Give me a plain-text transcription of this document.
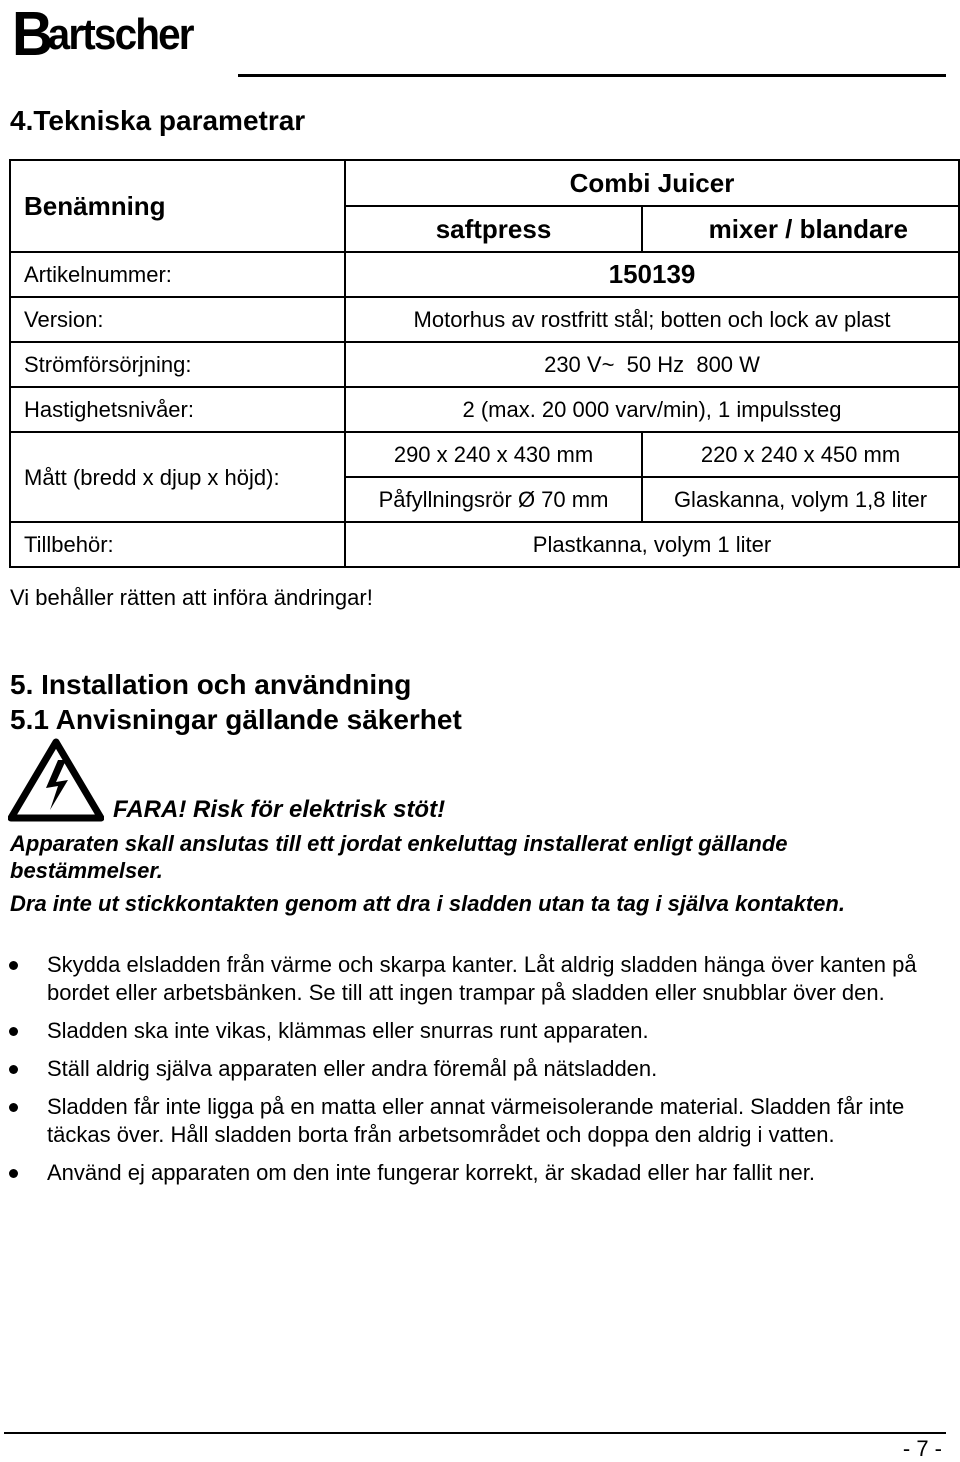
Bartscher
4.Tekniska parametrar
Benämning	Combi Juicer	
	saftpress	mixer / blandare
Artikelnummer:	150139	
Version:	Motorhus av rostfritt stål; botten och lock av plast	
Strömförsörjning:	230 V~  50 Hz  800 W	
Hastighetsnivåer:	2 (max. 20 000 varv/min), 1 impulssteg	
Mått (bredd x djup x höjd):	290 x 240 x 430 mm	220 x 240 x 450 mm
	Påfyllningsrör Ø 70 mm	Glaskanna, volym 1,8 liter
Tillbehör:	Plastkanna, volym 1 liter	
Vi behåller rätten att införa ändringar!
5. Installation och användning
5.1 Anvisningar gällande säkerhet
FARA! Risk för elektrisk stöt!
Apparaten skall anslutas till ett jordat enkeluttag installerat enligt gällande bestämmelser.
Dra inte ut stickkontakten genom att dra i sladden utan ta tag i själva kontakten.
Skydda elsladden från värme och skarpa kanter. Låt aldrig sladden hänga över kanten på bordet eller arbetsbänken. Se till att ingen trampar på sladden eller snubblar över den.
Sladden ska inte vikas, klämmas eller snurras runt apparaten.
Ställ aldrig själva apparaten eller andra föremål på nätsladden.
Sladden får inte ligga på en matta eller annat värmeisolerande material. Sladden får inte täckas över. Håll sladden borta från arbetsområdet och doppa den aldrig i vatten.
Använd ej apparaten om den inte fungerar korrekt, är skadad eller har fallit ner.
- 7 -
